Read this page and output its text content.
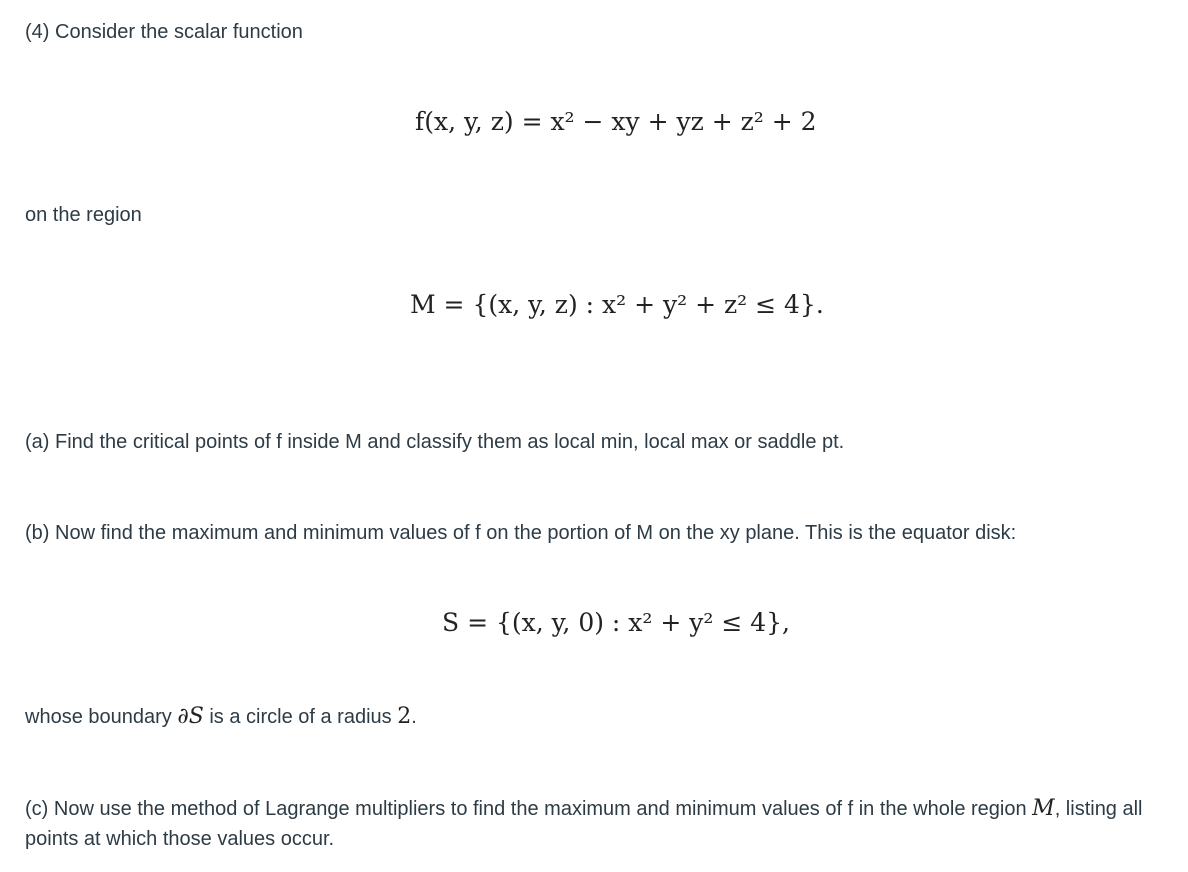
(4) Consider the scalar function

f(x, y, z) = x² − xy + yz + z² + 2

on the region

M = {(x, y, z) : x² + y² + z² ≤ 4}.

(a) Find the critical points of f inside M and classify them as local min, local max or saddle pt.

(b) Now find the maximum and minimum values of f on the portion of M on the xy plane. This is the equator disk:

S = {(x, y, 0) : x² + y² ≤ 4},

whose boundary ∂S is a circle of a radius 2.

(c) Now use the method of Lagrange multipliers to find the maximum and minimum values of f in the whole region M, listing all points at which those values occur.
